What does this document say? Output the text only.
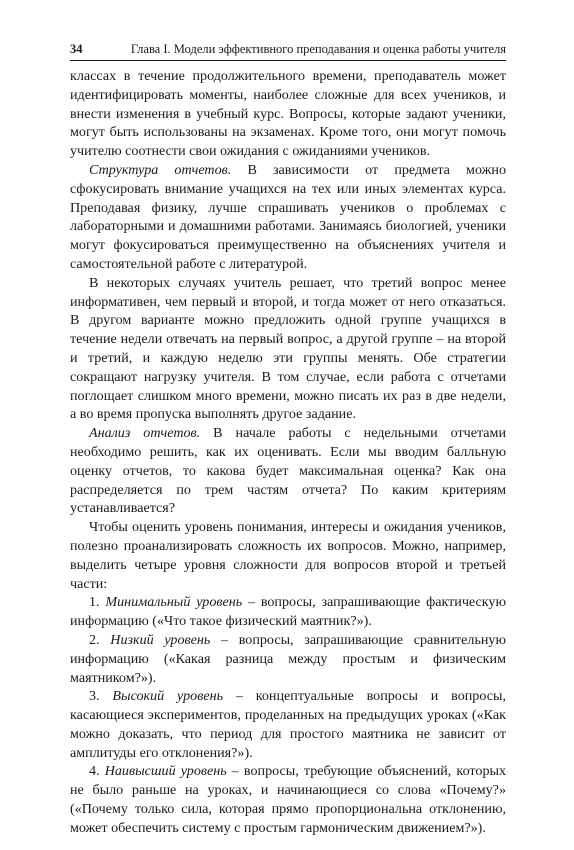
34	Глава I. Модели эффективного преподавания и оценка работы учителя

классах в течение продолжительного времени, преподаватель может идентифицировать моменты, наиболее сложные для всех учеников, и внести изменения в учебный курс. Вопросы, которые задают ученики, могут быть использованы на экзаменах. Кроме того, они могут помочь учителю соотнести свои ожидания с ожиданиями учеников.

Структура отчетов. В зависимости от предмета можно сфокусировать внимание учащихся на тех или иных элементах курса. Преподавая физику, лучше спрашивать учеников о проблемах с лабораторными и домашними работами. Занимаясь биологией, ученики могут фокусироваться преимущественно на объяснениях учителя и самостоятельной работе с литературой.

В некоторых случаях учитель решает, что третий вопрос менее информативен, чем первый и второй, и тогда может от него отказаться. В другом варианте можно предложить одной группе учащихся в течение недели отвечать на первый вопрос, а другой группе – на второй и третий, и каждую неделю эти группы менять. Обе стратегии сокращают нагрузку учителя. В том случае, если работа с отчетами поглощает слишком много времени, можно писать их раз в две недели, а во время пропуска выполнять другое задание.

Анализ отчетов. В начале работы с недельными отчетами необходимо решить, как их оценивать. Если мы вводим балльную оценку отчетов, то какова будет максимальная оценка? Как она распределяется по трем частям отчета? По каким критериям устанавливается?

Чтобы оценить уровень понимания, интересы и ожидания учеников, полезно проанализировать сложность их вопросов. Можно, например, выделить четыре уровня сложности для вопросов второй и третьей части:

1. Минимальный уровень – вопросы, запрашивающие фактическую информацию («Что такое физический маятник?»).

2. Низкий уровень – вопросы, запрашивающие сравнительную информацию («Какая разница между простым и физическим маятником?»).

3. Высокий уровень – концептуальные вопросы и вопросы, касающиеся экспериментов, проделанных на предыдущих уроках («Как можно доказать, что период для простого маятника не зависит от амплитуды его отклонения?»).

4. Наивысший уровень – вопросы, требующие объяснений, которых не было раньше на уроках, и начинающиеся со слова «Почему?» («Почему только сила, которая прямо пропорциональна отклонению, может обеспечить систему с простым гармоническим движением?»).
